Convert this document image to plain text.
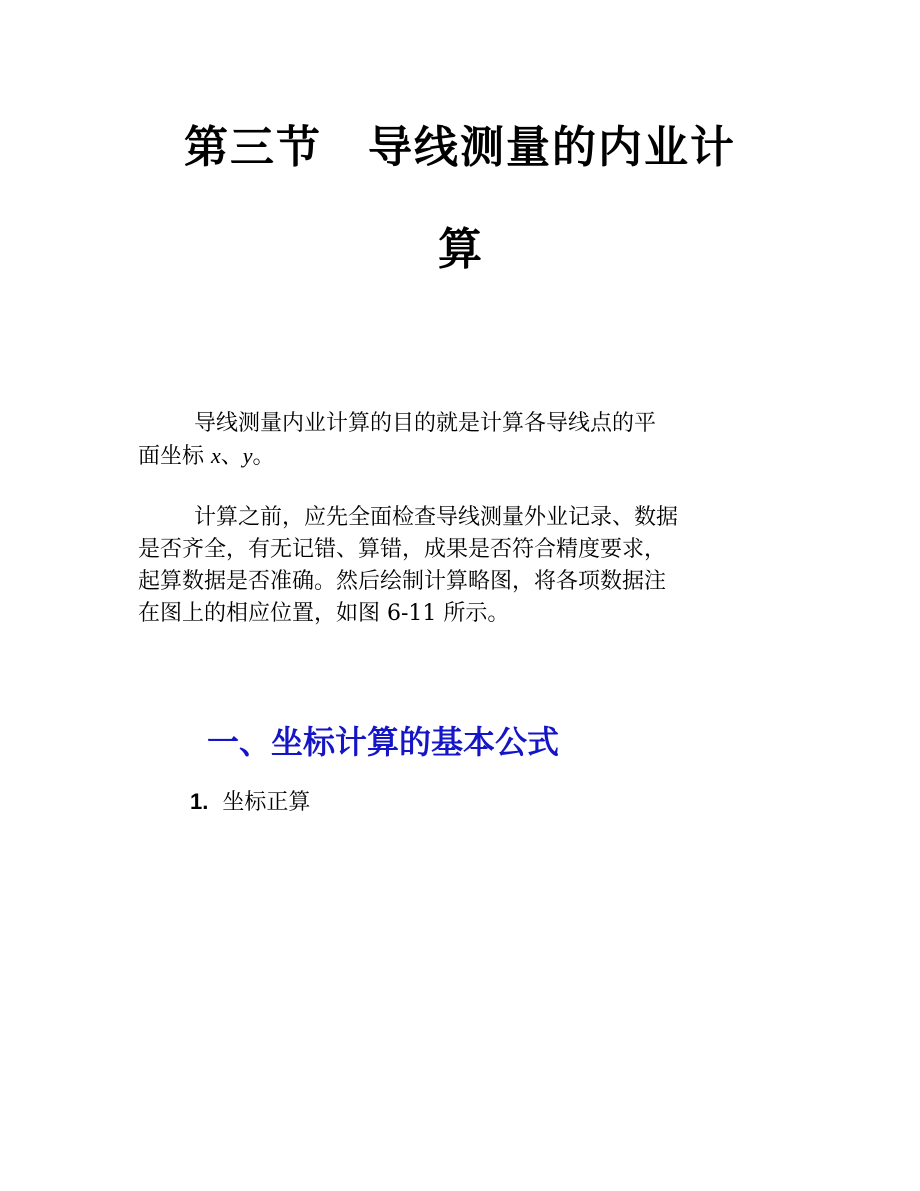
第三节　导线测量的内业计
算

导线测量内业计算的目的就是计算各导线点的平
面坐标 x、y。

计算之前，应先全面检查导线测量外业记录、数据
是否齐全，有无记错、算错，成果是否符合精度要求，
起算数据是否准确。然后绘制计算略图，将各项数据注
在图上的相应位置，如图 6-11 所示。

一、坐标计算的基本公式
1. 坐标正算
